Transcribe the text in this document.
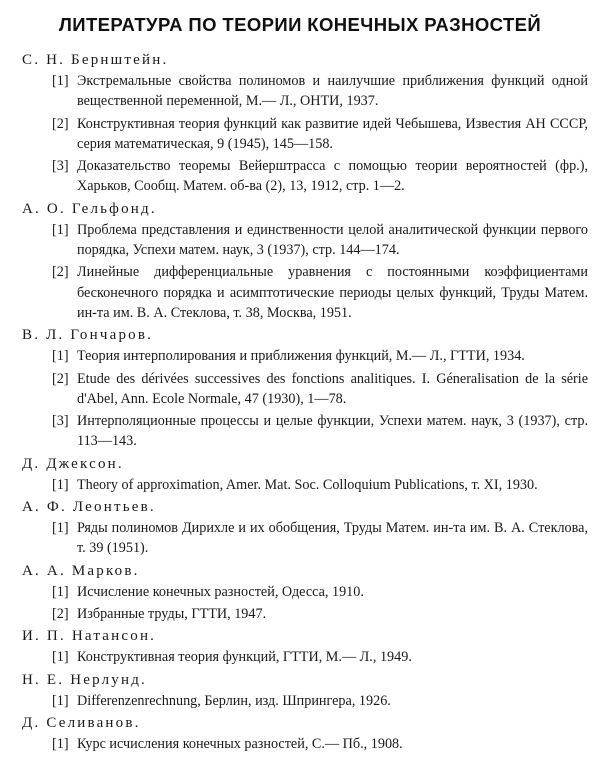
ЛИТЕРАТУРА ПО ТЕОРИИ КОНЕЧНЫХ РАЗНОСТЕЙ
С. Н. Бернштейн.
[1] Экстремальные свойства полиномов и наилучшие приближения функций одной вещественной переменной, М.— Л., ОНТИ, 1937.
[2] Конструктивная теория функций как развитие идей Чебышева, Известия АН СССР, серия математическая, 9 (1945), 145—158.
[3] Доказательство теоремы Вейерштрасса с помощью теории вероятностей (фр.), Харьков, Сообщ. Матем. об-ва (2), 13, 1912, стр. 1—2.
А. О. Гельфонд.
[1] Проблема представления и единственности целой аналитической функции первого порядка, Успехи матем. наук, 3 (1937), стр. 144—174.
[2] Линейные дифференциальные уравнения с постоянными коэффициентами бесконечного порядка и асимптотические периоды целых функций, Труды Матем. ин-та им. В. А. Стеклова, т. 38, Москва, 1951.
В. Л. Гончаров.
[1] Теория интерполирования и приближения функций, М.— Л., ГТТИ, 1934.
[2] Etude des dérivées successives des fonctions analitiques. I. Géneralisation de la série d'Abel, Ann. Ecole Normale, 47 (1930), 1—78.
[3] Интерполяционные процессы и целые функции, Успехи матем. наук, 3 (1937), стр. 113—143.
Д. Джексон.
[1] Theory of approximation, Amer. Mat. Soc. Colloquium Publications, т. XI, 1930.
А. Ф. Леонтьев.
[1] Ряды полиномов Дирихле и их обобщения, Труды Матем. ин-та им. В. А. Стеклова, т. 39 (1951).
А. А. Марков.
[1] Исчисление конечных разностей, Одесса, 1910.
[2] Избранные труды, ГТТИ, 1947.
И. П. Натансон.
[1] Конструктивная теория функций, ГТТИ, М.— Л., 1949.
Н. Е. Нерлунд.
[1] Differenzenrechnung, Берлин, изд. Шпрингера, 1926.
Д. Селиванов.
[1] Курс исчисления конечных разностей, С.— Пб., 1908.
